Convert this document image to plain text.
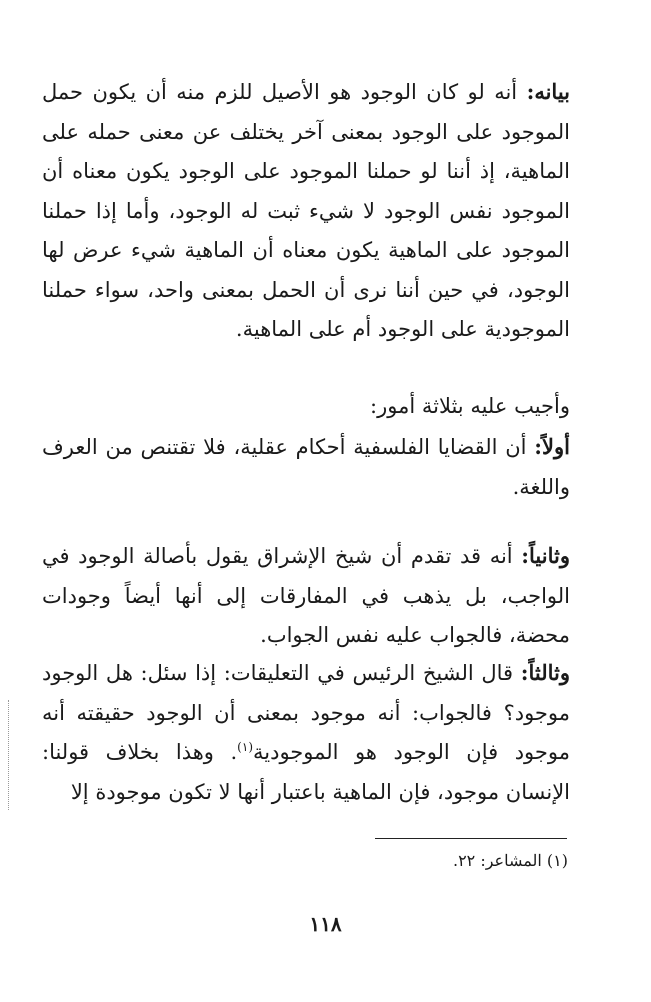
بيانه: أنه لو كان الوجود هو الأصيل للزم منه أن يكون حمل الموجود على الوجود بمعنى آخر يختلف عن معنى حمله على الماهية، إذ أننا لو حملنا الموجود على الوجود يكون معناه أن الموجود نفس الوجود لا شيء ثبت له الوجود، وأما إذا حملنا الموجود على الماهية يكون معناه أن الماهية شيء عرض لها الوجود، في حين أننا نرى أن الحمل بمعنى واحد، سواء حملنا الموجودية على الوجود أم على الماهية.

وأجيب عليه بثلاثة أمور:

أولاً: أن القضايا الفلسفية أحكام عقلية، فلا تقتنص من العرف واللغة.

وثانياً: أنه قد تقدم أن شيخ الإشراق يقول بأصالة الوجود في الواجب، بل يذهب في المفارقات إلى أنها أيضاً وجودات محضة، فالجواب عليه نفس الجواب.

وثالثاً: قال الشيخ الرئيس في التعليقات: إذا سئل: هل الوجود موجود؟ فالجواب: أنه موجود بمعنى أن الوجود حقيقته أنه موجود فإن الوجود هو الموجودية$^{(١)}$. وهذا بخلاف قولنا: الإنسان موجود، فإن الماهية باعتبار أنها لا تكون موجودة إلا

(١) المشاعر: ٢٢.
١١٨
